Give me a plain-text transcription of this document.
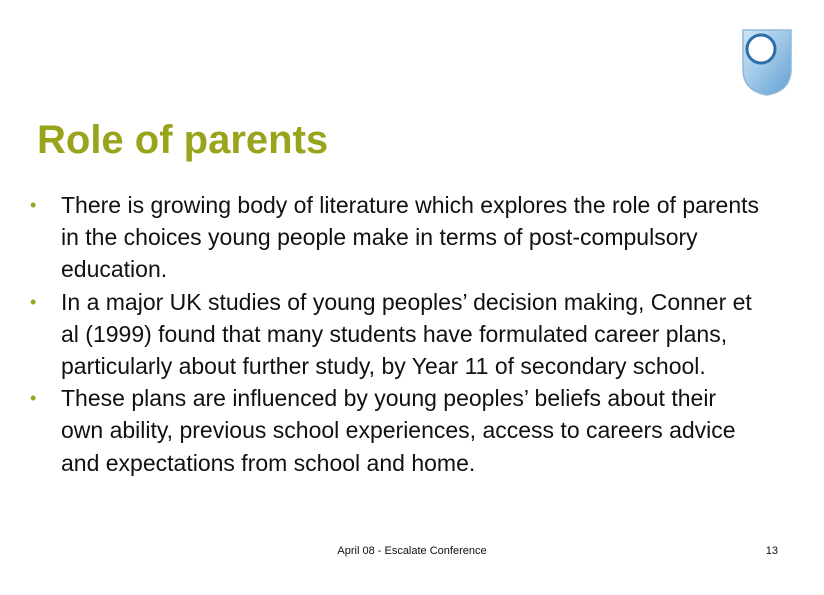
Role of parents
•	There is growing body of literature which explores the role of parents in the choices young people make in terms of post-compulsory education.
•	In a major UK studies of young peoples’ decision making, Conner et al (1999) found that many students have formulated career plans, particularly about further study, by Year 11 of secondary school.
•	These plans are influenced by young peoples’ beliefs about their own ability, previous school experiences, access to careers advice and expectations from school and home.
April 08 - Escalate Conference	13
